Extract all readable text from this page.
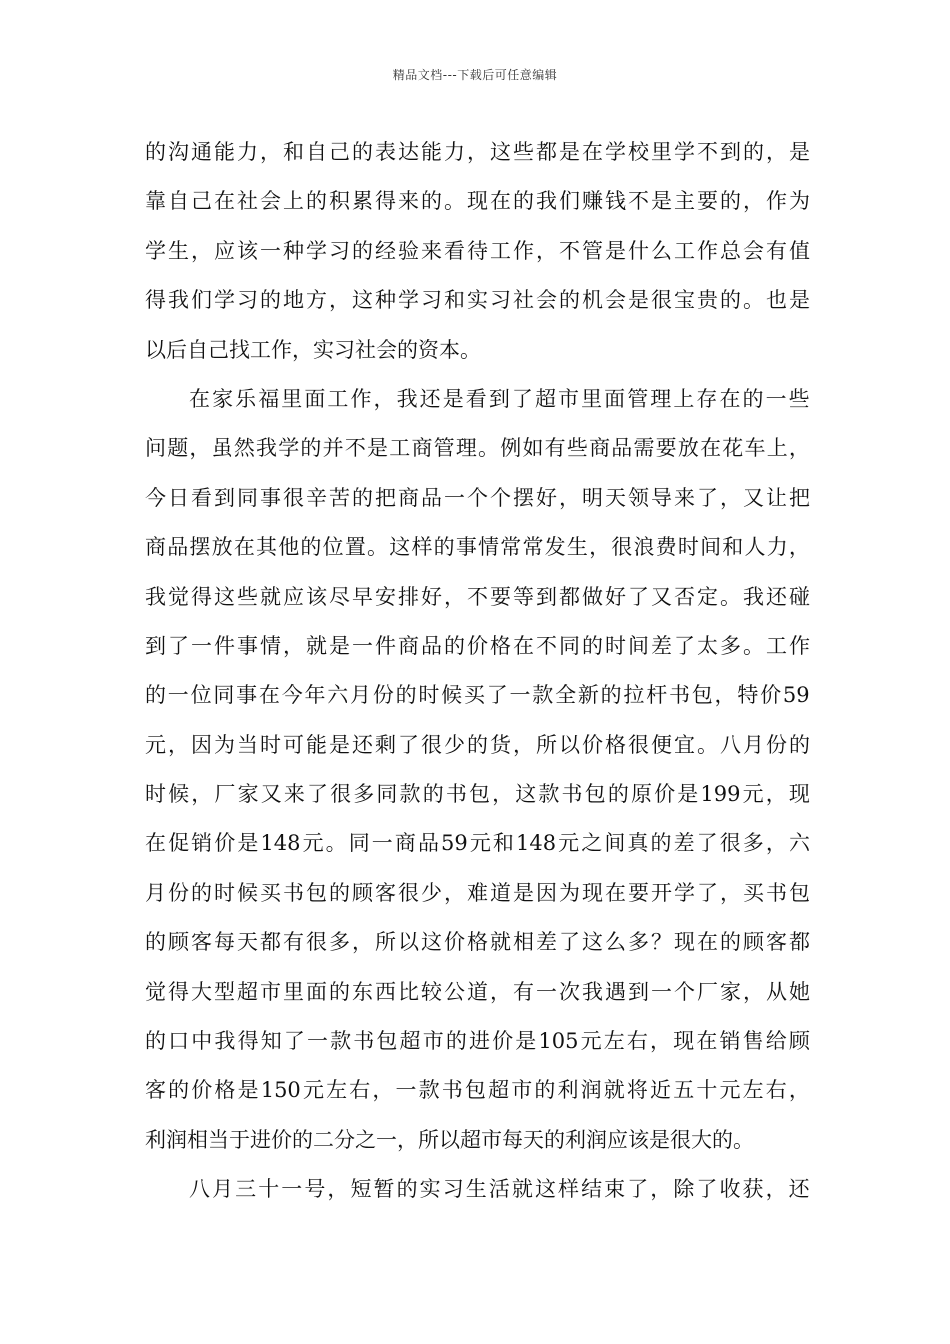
精品文档---下载后可任意编辑
的 沟 通 能 力 ， 和 自 己 的 表 达 能 力 ， 这 些 都 是 在 学 校 里 学 不 到 的 ， 是
靠 自 己 在 社 会 上 的 积 累 得 来 的 。 现 在 的 我 们 赚 钱 不 是 主 要 的 ， 作 为
学 生 ， 应 该 一 种 学 习 的 经 验 来 看 待 工 作 ， 不 管 是 什 么 工 作 总 会 有 值
得 我 们 学 习 的 地 方 ， 这 种 学 习 和 实 习 社 会 的 机 会 是 很 宝 贵 的 。 也 是
以后自己找工作，实习社会的资本。
在 家 乐 福 里 面 工 作 ， 我 还 是 看 到 了 超 市 里 面 管 理 上 存 在 的 一 些
问 题 ， 虽 然 我 学 的 并 不 是 工 商 管 理 。 例 如 有 些 商 品 需 要 放 在 花 车 上 ，
今 日 看 到 同 事 很 辛 苦 的 把 商 品 一 个 个 摆 好 ， 明 天 领 导 来 了 ， 又 让 把
商 品 摆 放 在 其 他 的 位 置 。 这 样 的 事 情 常 常 发 生 ， 很 浪 费 时 间 和 人 力 ，
我 觉 得 这 些 就 应 该 尽 早 安 排 好 ， 不 要 等 到 都 做 好 了 又 否 定 。 我 还 碰
到 了 一 件 事 情 ， 就 是 一 件 商 品 的 价 格 在 不 同 的 时 间 差 了 太 多 。 工 作
的 一 位 同 事 在 今 年 六 月 份 的 时 候 买 了 一 款 全 新 的 拉 杆 书 包 ， 特 价 59
元 ， 因 为 当 时 可 能 是 还 剩 了 很 少 的 货 ， 所 以 价 格 很 便 宜 。 八 月 份 的
时 候 ， 厂 家 又 来 了 很 多 同 款 的 书 包 ， 这 款 书 包 的 原 价 是 199 元 ， 现
在 促 销 价 是 148 元 。 同 一 商 品 59 元 和 148 元 之 间 真 的 差 了 很 多 ， 六
月 份 的 时 候 买 书 包 的 顾 客 很 少 ， 难 道 是 因 为 现 在 要 开 学 了 ， 买 书 包
的 顾 客 每 天 都 有 很 多 ， 所 以 这 价 格 就 相 差 了 这 么 多 ？ 现 在 的 顾 客 都
觉 得 大 型 超 市 里 面 的 东 西 比 较 公 道 ， 有 一 次 我 遇 到 一 个 厂 家 ， 从 她
的 口 中 我 得 知 了 一 款 书 包 超 市 的 进 价 是 105 元 左 右 ， 现 在 销 售 给 顾
客 的 价 格 是 150 元 左 右 ， 一 款 书 包 超 市 的 利 润 就 将 近 五 十 元 左 右 ，
利润相当于进价的二分之一，所以超市每天的利润应该是很大的。
八 月 三 十 一 号 ， 短 暂 的 实 习 生 活 就 这 样 结 束 了 ， 除 了 收 获 ， 还
